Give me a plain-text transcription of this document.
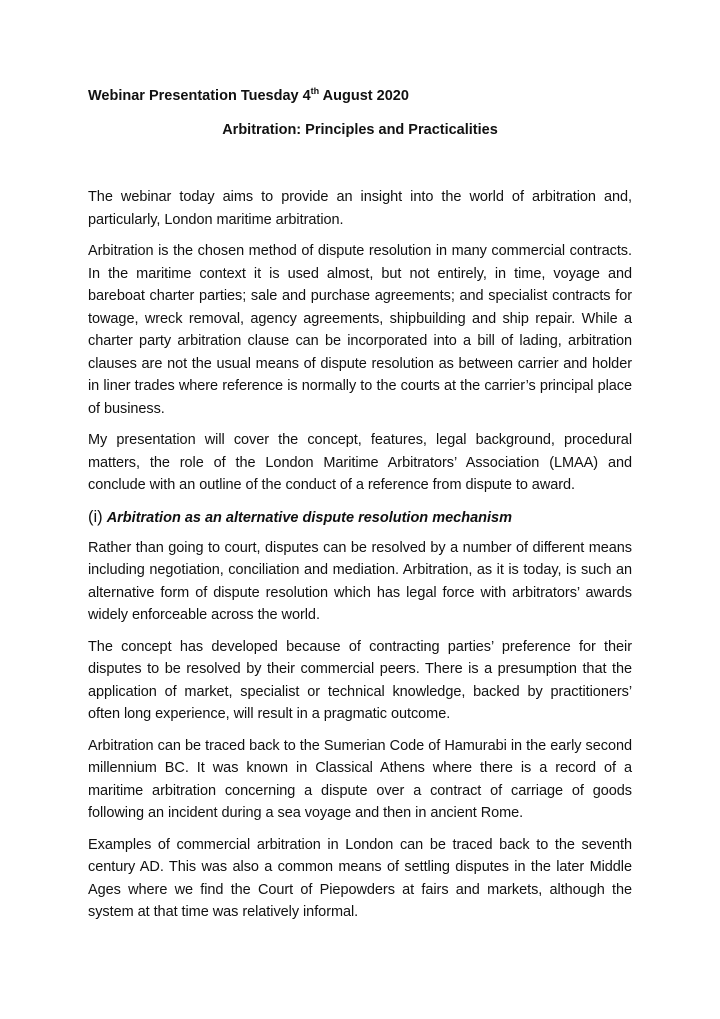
Webinar Presentation Tuesday 4th August 2020

Arbitration: Principles and Practicalities

The webinar today aims to provide an insight into the world of arbitration and, particularly, London maritime arbitration.

Arbitration is the chosen method of dispute resolution in many commercial contracts. In the maritime context it is used almost, but not entirely, in time, voyage and bareboat charter parties; sale and purchase agreements; and specialist contracts for towage, wreck removal, agency agreements, shipbuilding and ship repair. While a charter party arbitration clause can be incorporated into a bill of lading, arbitration clauses are not the usual means of dispute resolution as between carrier and holder in liner trades where reference is normally to the courts at the carrier’s principal place of business.

My presentation will cover the concept, features, legal background, procedural matters, the role of the London Maritime Arbitrators’ Association (LMAA) and conclude with an outline of the conduct of a reference from dispute to award.

(i) Arbitration as an alternative dispute resolution mechanism

Rather than going to court, disputes can be resolved by a number of different means including negotiation, conciliation and mediation. Arbitration, as it is today, is such an alternative form of dispute resolution which has legal force with arbitrators’ awards widely enforceable across the world.

The concept has developed because of contracting parties’ preference for their disputes to be resolved by their commercial peers. There is a presumption that the application of market, specialist or technical knowledge, backed by practitioners’ often long experience, will result in a pragmatic outcome.

Arbitration can be traced back to the Sumerian Code of Hamurabi in the early second millennium BC. It was known in Classical Athens where there is a record of a maritime arbitration concerning a dispute over a contract of carriage of goods following an incident during a sea voyage and then in ancient Rome.

Examples of commercial arbitration in London can be traced back to the seventh century AD. This was also a common means of settling disputes in the later Middle Ages where we find the Court of Piepowders at fairs and markets, although the system at that time was relatively informal.
